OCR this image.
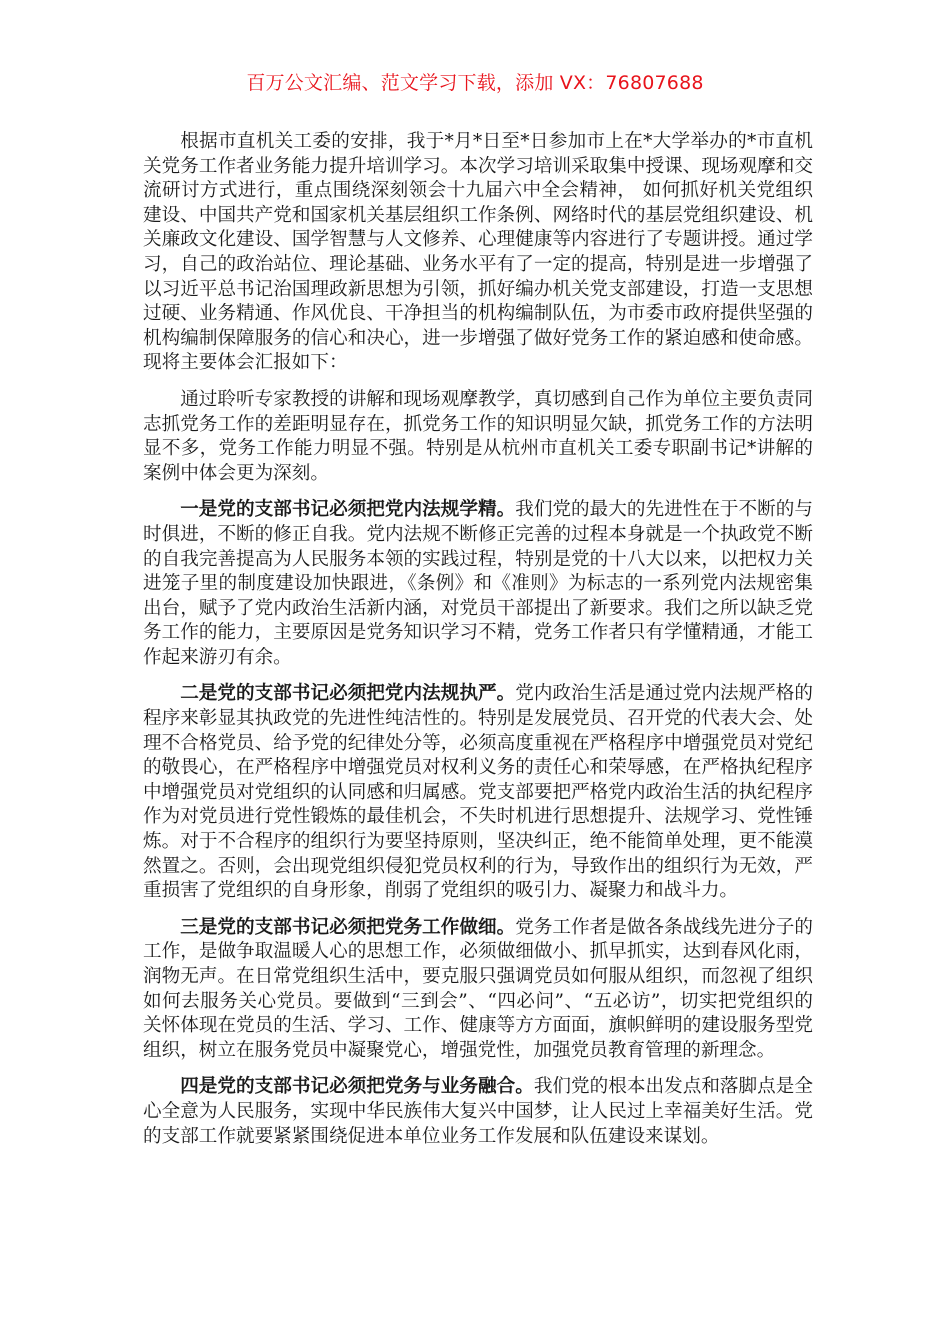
百万公文汇编、范文学习下载，添加 VX：76807688

根据市直机关工委的安排，我于*月*日至*日参加市上在*大学举办的*市直机关党务工作者业务能力提升培训学习。本次学习培训采取集中授课、现场观摩和交流研讨方式进行，重点围绕深刻领会十九届六中全会精神， 如何抓好机关党组织建设、中国共产党和国家机关基层组织工作条例、网络时代的基层党组织建设、机关廉政文化建设、国学智慧与人文修养、心理健康等内容进行了专题讲授。通过学习，自己的政治站位、理论基础、业务水平有了一定的提高，特别是进一步增强了以习近平总书记治国理政新思想为引领，抓好编办机关党支部建设，打造一支思想过硬、业务精通、作风优良、干净担当的机构编制队伍，为市委市政府提供坚强的机构编制保障服务的信心和决心，进一步增强了做好党务工作的紧迫感和使命感。现将主要体会汇报如下：

通过聆听专家教授的讲解和现场观摩教学，真切感到自己作为单位主要负责同志抓党务工作的差距明显存在，抓党务工作的知识明显欠缺，抓党务工作的方法明显不多，党务工作能力明显不强。特别是从杭州市直机关工委专职副书记*讲解的案例中体会更为深刻。

一是党的支部书记必须把党内法规学精。我们党的最大的先进性在于不断的与时俱进，不断的修正自我。党内法规不断修正完善的过程本身就是一个执政党不断的自我完善提高为人民服务本领的实践过程，特别是党的十八大以来，以把权力关进笼子里的制度建设加快跟进，《条例》和《准则》为标志的一系列党内法规密集出台，赋予了党内政治生活新内涵，对党员干部提出了新要求。我们之所以缺乏党务工作的能力，主要原因是党务知识学习不精，党务工作者只有学懂精通，才能工作起来游刃有余。

二是党的支部书记必须把党内法规执严。党内政治生活是通过党内法规严格的程序来彰显其执政党的先进性纯洁性的。特别是发展党员、召开党的代表大会、处理不合格党员、给予党的纪律处分等，必须高度重视在严格程序中增强党员对党纪的敬畏心，在严格程序中增强党员对权利义务的责任心和荣辱感，在严格执纪程序中增强党员对党组织的认同感和归属感。党支部要把严格党内政治生活的执纪程序作为对党员进行党性锻炼的最佳机会，不失时机进行思想提升、法规学习、党性锤炼。对于不合程序的组织行为要坚持原则，坚决纠正，绝不能简单处理，更不能漠然置之。否则，会出现党组织侵犯党员权利的行为，导致作出的组织行为无效，严重损害了党组织的自身形象，削弱了党组织的吸引力、凝聚力和战斗力。

三是党的支部书记必须把党务工作做细。党务工作者是做各条战线先进分子的工作，是做争取温暖人心的思想工作，必须做细做小、抓早抓实，达到春风化雨，润物无声。在日常党组织生活中，要克服只强调党员如何服从组织，而忽视了组织如何去服务关心党员。要做到“三到会”、“四必问”、“五必访”，切实把党组织的关怀体现在党员的生活、学习、工作、健康等方方面面，旗帜鲜明的建设服务型党组织，树立在服务党员中凝聚党心，增强党性，加强党员教育管理的新理念。

四是党的支部书记必须把党务与业务融合。我们党的根本出发点和落脚点是全心全意为人民服务，实现中华民族伟大复兴中国梦，让人民过上幸福美好生活。党的支部工作就要紧紧围绕促进本单位业务工作发展和队伍建设来谋划。
